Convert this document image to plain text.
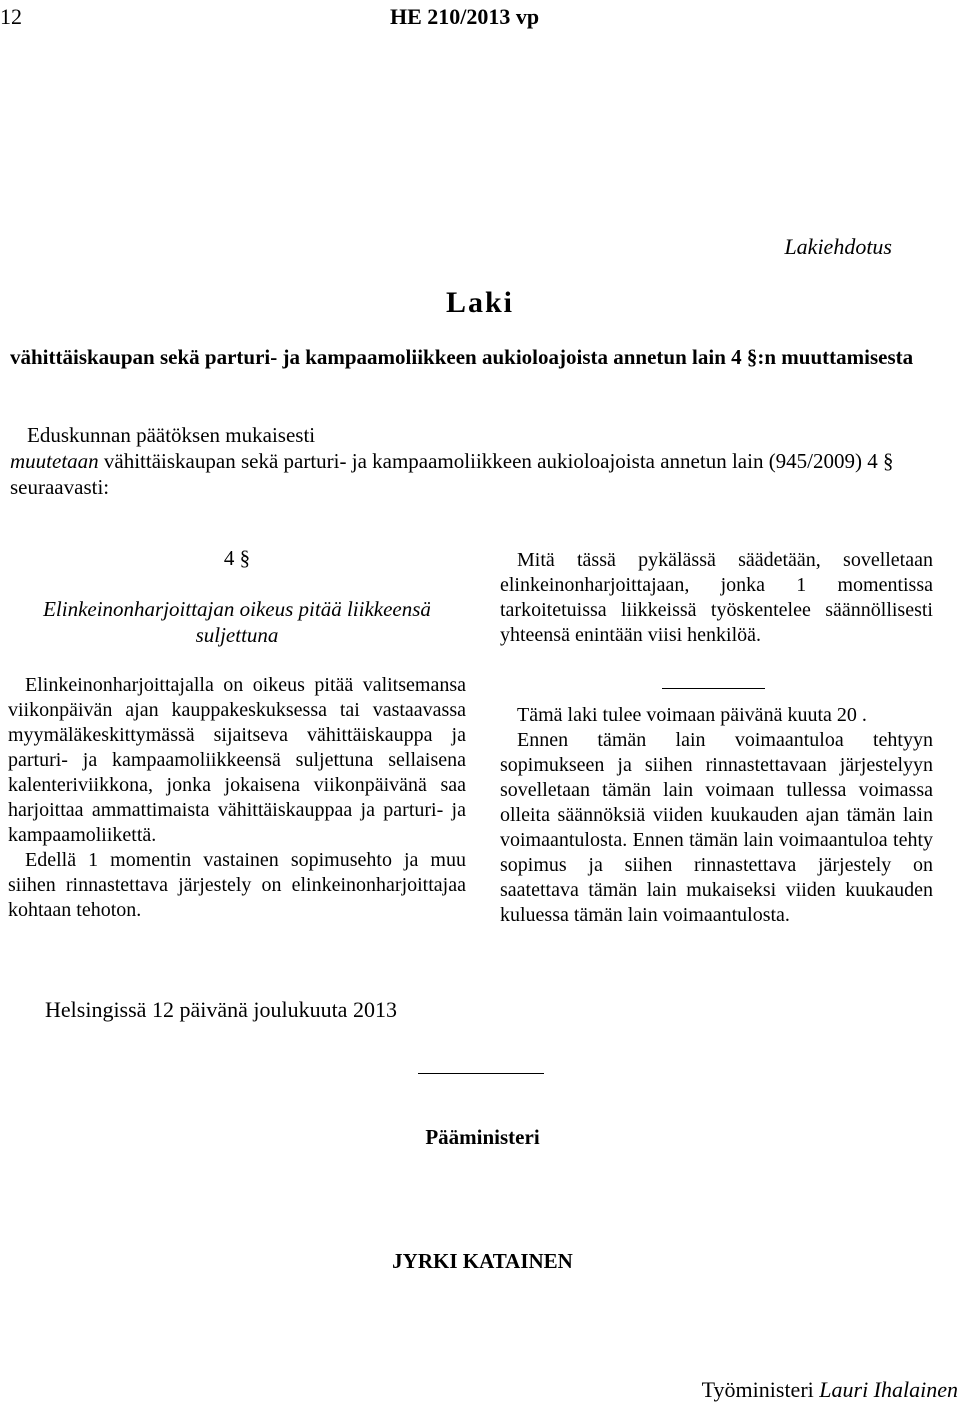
12	HE 210/2013 vp
Lakiehdotus
Laki
vähittäiskaupan sekä parturi- ja kampaamoliikkeen aukioloajoista annetun lain 4 §:n muuttamisesta

Eduskunnan päätöksen mukaisesti

muutetaan vähittäiskaupan sekä parturi- ja kampaamoliikkeen aukioloajoista annetun lain (945/2009) 4 § seuraavasti:

4 §
Elinkeinonharjoittajan oikeus pitää liikkeensä suljettuna

Elinkeinonharjoittajalla on oikeus pitää valitsemansa viikonpäivän ajan kauppakeskuksessa tai vastaavassa myymäläkeskittymässä sijaitseva vähittäiskauppa ja parturi- ja kampaamoliikkeensä suljettuna sellaisena kalenteriviikkona, jonka jokaisena viikonpäivänä saa harjoittaa ammattimaista vähittäiskauppaa ja parturi- ja kampaamoliikettä.

Edellä 1 momentin vastainen sopimusehto ja muu siihen rinnastettava järjestely on elinkeinonharjoittajaa kohtaan tehoton.

Mitä tässä pykälässä säädetään, sovelletaan elinkeinonharjoittajaan, jonka 1 momentissa tarkoitetuissa liikkeissä työskentelee säännöllisesti yhteensä enintään viisi henkilöä.

Tämä laki tulee voimaan päivänä kuuta 20 .

Ennen tämän lain voimaantuloa tehtyyn sopimukseen ja siihen rinnastettavaan järjestelyyn sovelletaan tämän lain voimaan tullessa voimassa olleita säännöksiä viiden kuukauden ajan tämän lain voimaantulosta. Ennen tämän lain voimaantuloa tehty sopimus ja siihen rinnastettava järjestely on saatettava tämän lain mukaiseksi viiden kuukauden kuluessa tämän lain voimaantulosta.

Helsingissä 12 päivänä joulukuuta 2013
Pääministeri
JYRKI KATAINEN
Työministeri Lauri Ihalainen
